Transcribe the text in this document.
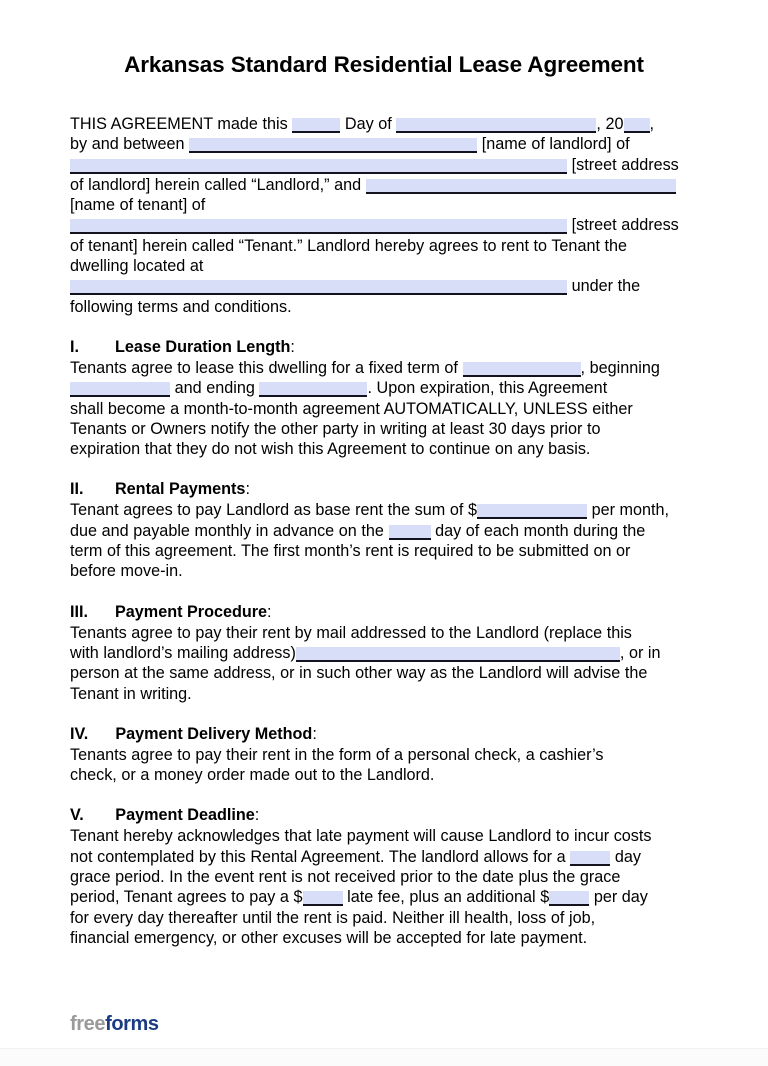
Arkansas Standard Residential Lease Agreement

THIS AGREEMENT made this	Day of	, 20 ,
by and between	[name of landlord] of
[street address
of landlord] herein called “Landlord,” and
[name of tenant] of
[street address
of tenant] herein called “Tenant.” Landlord hereby agrees to rent to Tenant the
dwelling located at
under the
following terms and conditions.

I. Lease Duration Length:

Tenants agree to lease this dwelling for a fixed term of	, beginning
and ending	. Upon expiration, this Agreement
shall become a month-to-month agreement AUTOMATICALLY, UNLESS either
Tenants or Owners notify the other party in writing at least 30 days prior to
expiration that they do not wish this Agreement to continue on any basis.

II. Rental Payments:

Tenant agrees to pay Landlord as base rent the sum of $	per month,
due and payable monthly in advance on the	day of each month during the
term of this agreement. The first month’s rent is required to be submitted on or
before move-in.

III. Payment Procedure:

Tenants agree to pay their rent by mail addressed to the Landlord (replace this
with landlord’s mailing address)	, or in
person at the same address, or in such other way as the Landlord will advise the
Tenant in writing.

IV. Payment Delivery Method:

Tenants agree to pay their rent in the form of a personal check, a cashier’s
check, or a money order made out to the Landlord.

V. Payment Deadline:

Tenant hereby acknowledges that late payment will cause Landlord to incur costs
not contemplated by this Rental Agreement. The landlord allows for a	day
grace period. In the event rent is not received prior to the date plus the grace
period, Tenant agrees to pay a $	late fee, plus an additional $	per day
for every day thereafter until the rent is paid. Neither ill health, loss of job,
financial emergency, or other excuses will be accepted for late payment.

freeforms
